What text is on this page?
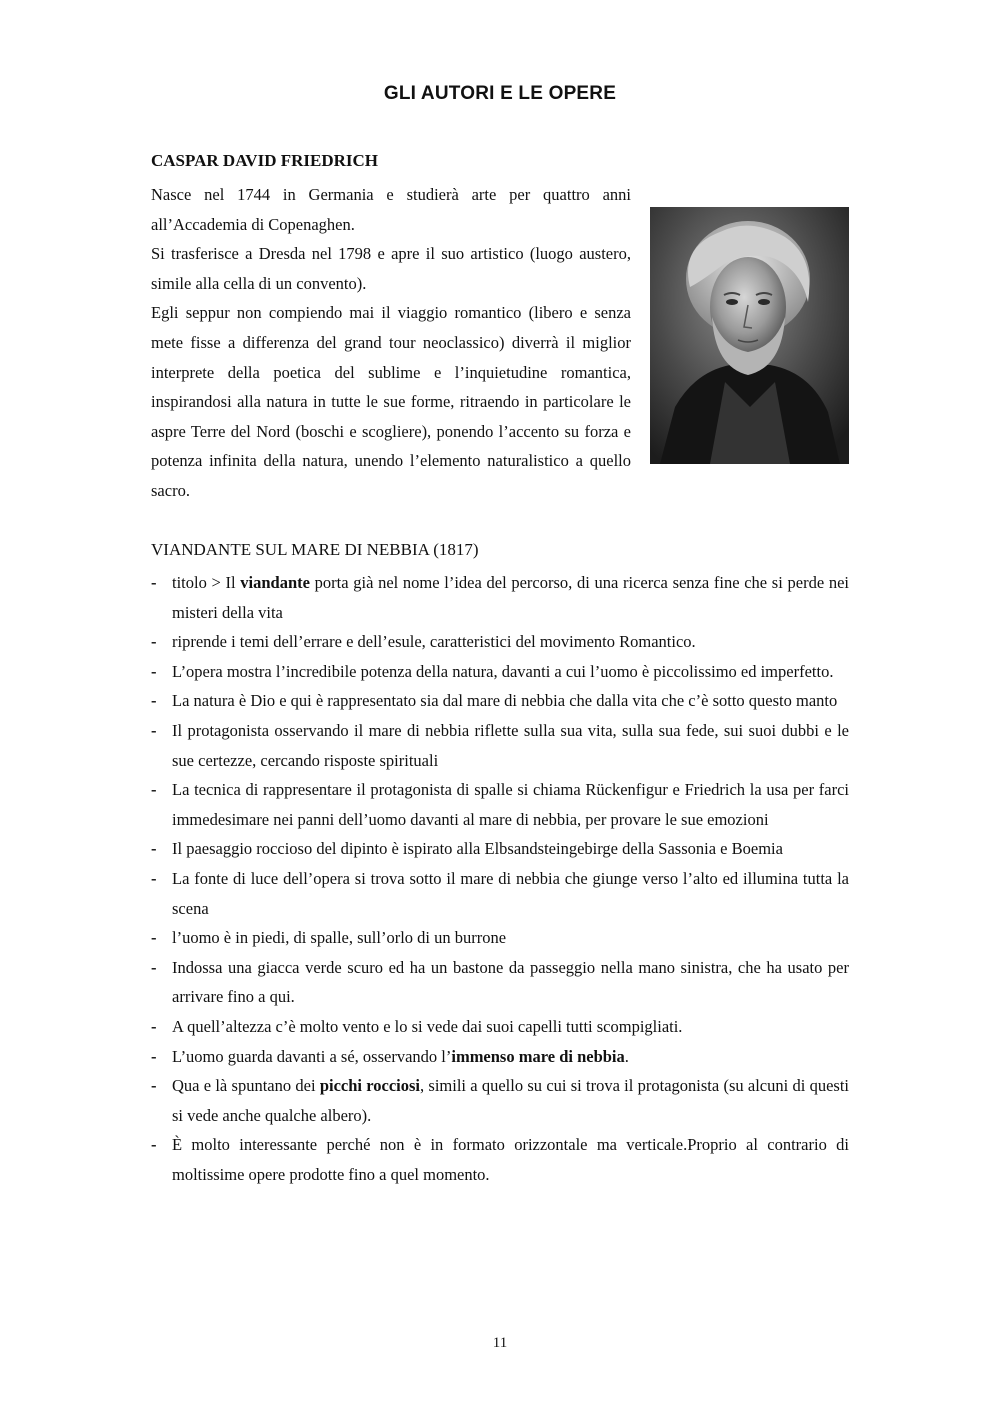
GLI AUTORI E LE OPERE
CASPAR DAVID FRIEDRICH

Nasce nel 1744 in Germania e studierà arte per quattro anni all’Accademia di Copenaghen.

Si trasferisce a Dresda nel 1798 e apre il suo artistico (luogo austero, simile alla cella di un convento).

Egli seppur non compiendo mai il viaggio romantico (libero e senza mete fisse a differenza del grand tour neoclassico) diverrà il miglior interprete della poetica del sublime e l’inquietudine romantica, inspirandosi alla natura in tutte le sue forme, ritraendo in particolare le aspre Terre del Nord (boschi e scogliere), ponendo l’accento su forza e potenza infinita della natura, unendo l’elemento naturalistico a quello sacro.

VIANDANTE SUL MARE DI NEBBIA (1817)
- titolo > Il viandante porta già nel nome l’idea del percorso, di una ricerca senza fine che si perde nei misteri della vita
- riprende i temi dell’errare e dell’esule, caratteristici del movimento Romantico.
- L’opera mostra l’incredibile potenza della natura, davanti a cui l’uomo è piccolissimo ed imperfetto.
- La natura è Dio e qui è rappresentato sia dal mare di nebbia che dalla vita che c’è sotto questo manto
- Il protagonista osservando il mare di nebbia riflette sulla sua vita, sulla sua fede, sui suoi dubbi e le sue certezze, cercando risposte spirituali
- La tecnica di rappresentare il protagonista di spalle si chiama Rückenfigur e Friedrich la usa per farci immedesimare nei panni dell’uomo davanti al mare di nebbia, per provare le sue emozioni
- Il paesaggio roccioso del dipinto è ispirato alla Elbsandsteingebirge della Sassonia e Boemia
- La fonte di luce dell’opera si trova sotto il mare di nebbia che giunge verso l’alto ed illumina tutta la scena
- l’uomo è in piedi, di spalle, sull’orlo di un burrone
- Indossa una giacca verde scuro ed ha un bastone da passeggio nella mano sinistra, che ha usato per arrivare fino a qui.
- A quell’altezza c’è molto vento e lo si vede dai suoi capelli tutti scompigliati.
- L’uomo guarda davanti a sé, osservando l’immenso mare di nebbia.
- Qua e là spuntano dei picchi rocciosi, simili a quello su cui si trova il protagonista (su alcuni di questi si vede anche qualche albero).
- È molto interessante perché non è in formato orizzontale ma verticale.Proprio al contrario di moltissime opere prodotte fino a quel momento.
11
